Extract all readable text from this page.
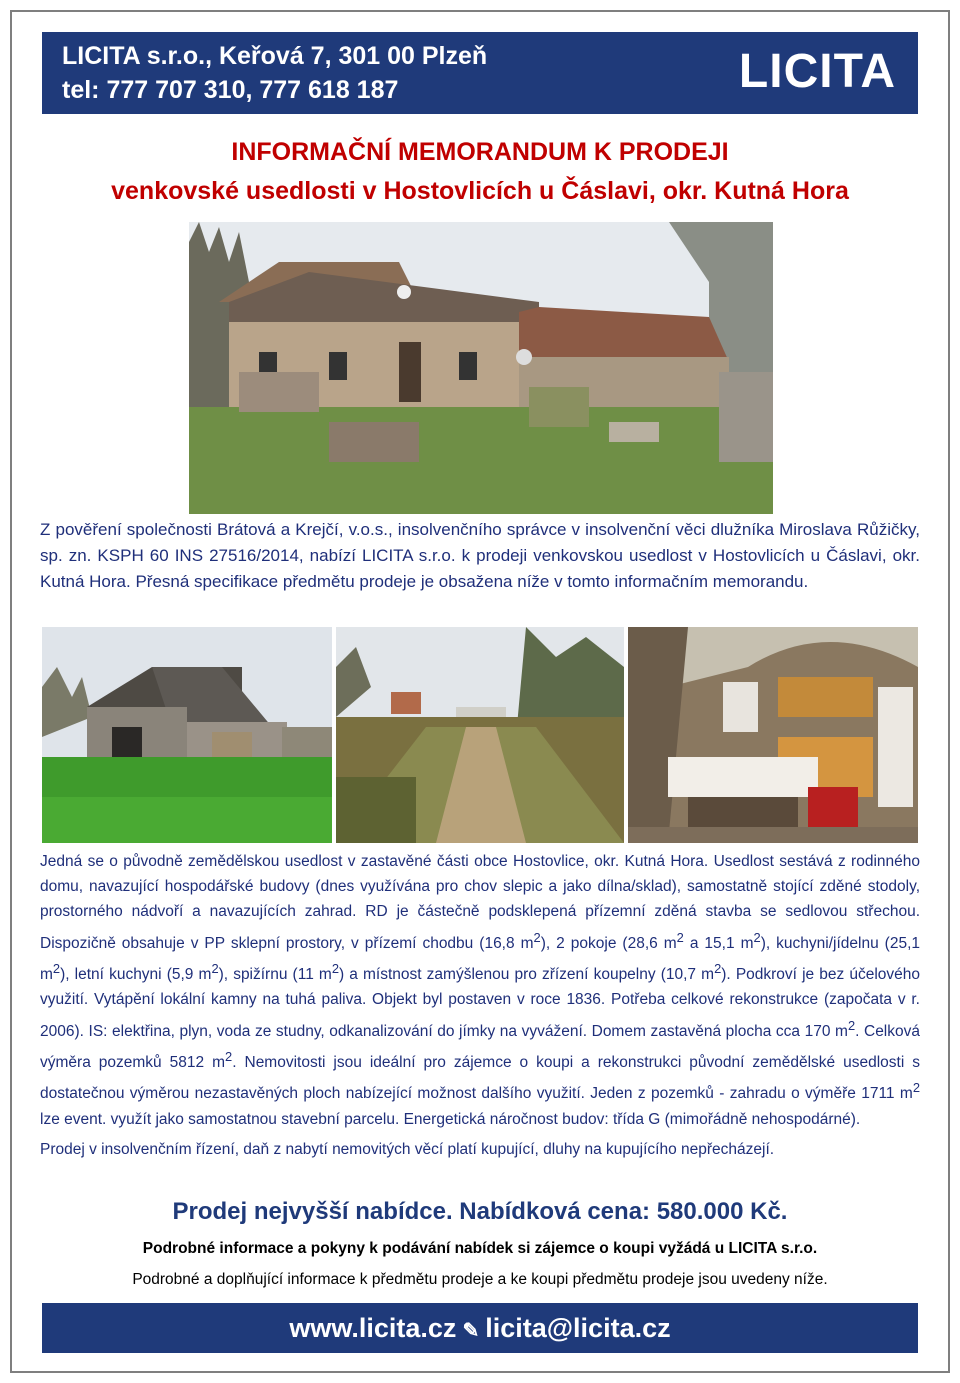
LICITA s.r.o., Keřová 7, 301 00 Plzeň
tel: 777 707 310, 777 618 187	LICITA
INFORMAČNÍ MEMORANDUM K PRODEJI
venkovské usedlosti v Hostovlicích u Čáslavi, okr. Kutná Hora
Z pověření společnosti Brátová a Krejčí, v.o.s., insolvenčního správce v insolvenční věci dlužníka Miroslava Růžičky, sp. zn. KSPH 60 INS 27516/2014, nabízí LICITA s.r.o. k prodeji venkovskou usedlost v Hostovlicích u Čáslavi, okr. Kutná Hora. Přesná specifikace předmětu prodeje je obsažena níže v tomto informačním memorandu.

Jedná se o původně zemědělskou usedlost v zastavěné části obce Hostovlice, okr. Kutná Hora. Usedlost sestává z rodinného domu, navazující hospodářské budovy (dnes využívána pro chov slepic a jako dílna/sklad), samostatně stojící zděné stodoly, prostorného nádvoří a navazujících zahrad. RD je částečně podsklepená přízemní zděná stavba se sedlovou střechou. Dispozičně obsahuje v PP sklepní prostory, v přízemí chodbu (16,8 $m^2$), 2 pokoje (28,6 $m^2$ a 15,1 $m^2$), kuchyni/jídelnu (25,1 $m^2$), letní kuchyni (5,9 $m^2$), spižírnu (11 $m^2$) a místnost zamýšlenou pro zřízení koupelny (10,7 $m^2$). Podkroví je bez účelového využití. Vytápění lokální kamny na tuhá paliva. Objekt byl postaven v roce 1836. Potřeba celkové rekonstrukce (započata v r. 2006). IS: elektřina, plyn, voda ze studny, odkanalizování do jímky na vyvážení. Domem zastavěná plocha cca 170 $m^2$. Celková výměra pozemků 5812 $m^2$. Nemovitosti jsou ideální pro zájemce o koupi a rekonstrukci původní zemědělské usedlosti s dostatečnou výměrou nezastavěných ploch nabízející možnost dalšího využití. Jeden z pozemků - zahradu o výměře 1711 $m^2$ lze event. využít jako samostatnou stavební parcelu. Energetická náročnost budov: třída G (mimořádně nehospodárné).

Prodej v insolvenčním řízení, daň z nabytí nemovitých věcí platí kupující, dluhy na kupujícího nepřecházejí.

Prodej nejvyšší nabídce. Nabídková cena: 580.000 Kč.
Podrobné informace a pokyny k podávání nabídek si zájemce o koupi vyžádá u LICITA s.r.o.
Podrobné a doplňující informace k předmětu prodeje a ke koupi předmětu prodeje jsou uvedeny níže.
www.licita.cz ✎ licita@licita.cz
